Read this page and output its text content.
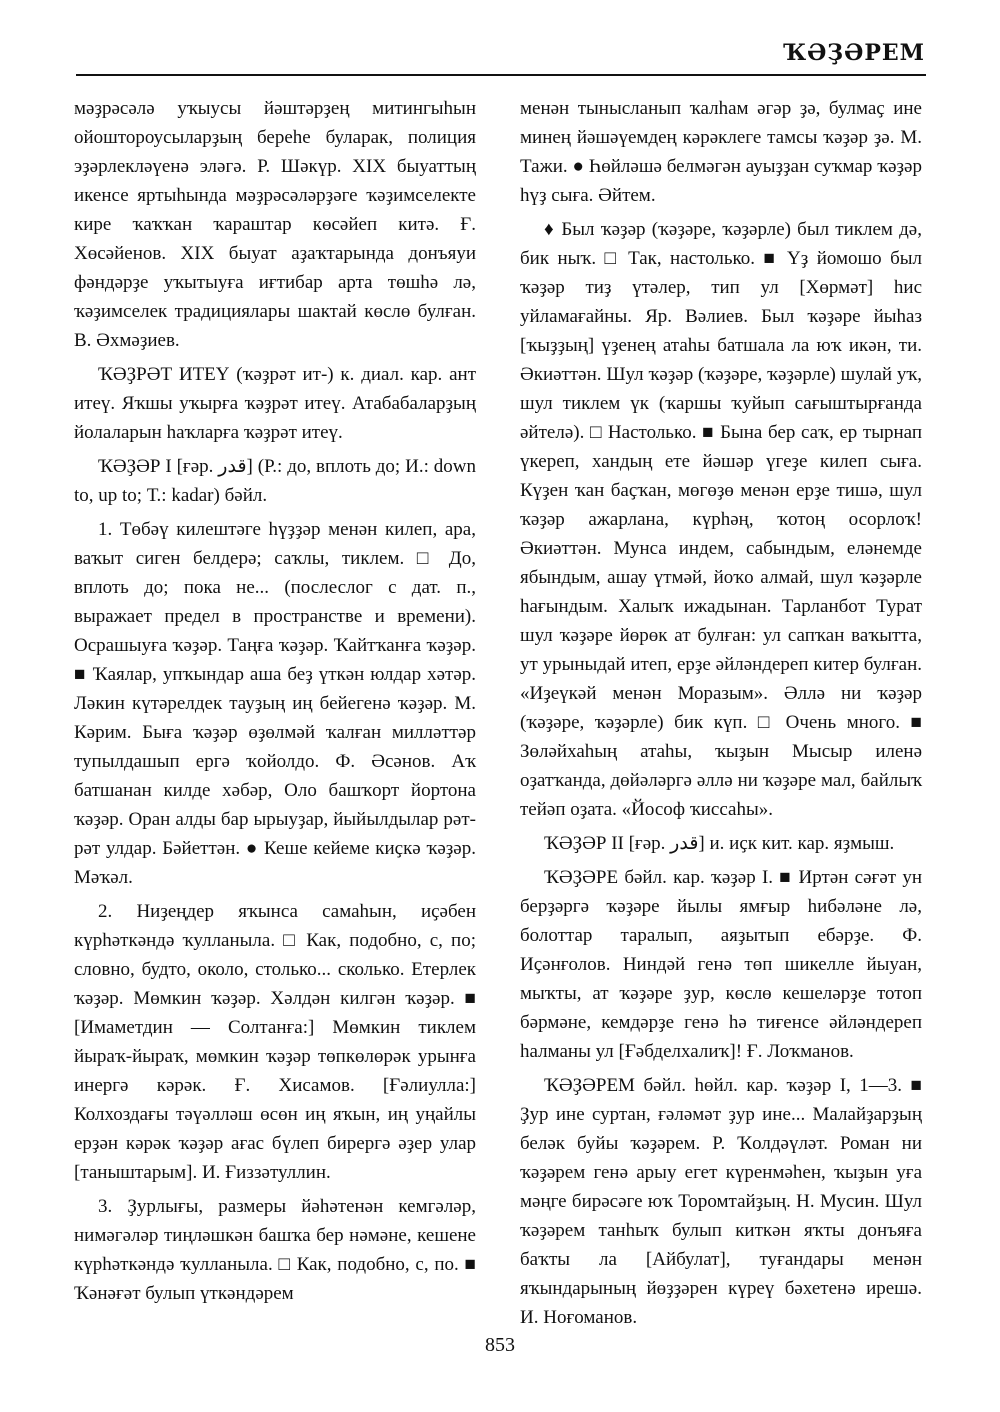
ҠӘҘӘРЕМ

мәҙрәсәлә уҡыусы йәштәрҙең митингыһын ойоштороусыларҙың береһе буларак, полиция эҙәрлекләүенә эләгә. Р. Шәкүр. XIX быуаттың икенсе яртыһында мәҙрәсәләрҙәге ҡәҙимселекте кире ҡаҡҡан ҡараштар көсәйеп китә. Ғ. Хөсәйенов. XIX быуат аҙаҡтарында донъяуи фәндәрҙе уҡытыуға иғтибар арта төшһә лә, ҡәҙимселек традициялары шактай көслө булған. В. Әхмәҙиев.

ҠӘҘРӘТ ИТЕҮ (ҡәҙрәт ит-) к. диал. кар. ант итеү. Яҡшы уҡырға ҡәҙрәт итеү. Атабабаларҙың йолаларын һаҡларға ҡәҙрәт итеү.

ҠӘҘӘР I [ғәр. قدر] (Р.: до, вплоть до; И.: down to, up to; Т.: kadar) бәйл.

1. Төбәү килештәге һүҙҙәр менән килеп, ара, ваҡыт сиген белдерә; саҡлы, тиклем. □ До, вплоть до; пока не... (послеслог с дат. п., выражает предел в пространстве и времени). Осрашыуға ҡәҙәр. Таңға ҡәҙәр. Ҡайтҡанға ҡәҙәр. ■ Ҡаялар, упҡындар аша беҙ үткән юлдар хәтәр. Ләкин күтәрелдек тауҙың иң бейегенә ҡәҙәр. М. Кәрим. Быға ҡәҙәр өҙөлмәй ҡалған милләттәр тупылдашып ергә ҡойолдо. Ф. Әсәнов. Аҡ батшанан килде хәбәр, Оло башҡорт йортона ҡәҙәр. Оран алды бар ырыуҙар, йыйылдылар рәт-рәт улдар. Бәйеттән. ● Кеше кейеме киҫкә ҡәҙәр. Мәҡәл.

2. Ниҙеңдер яҡынса самаһын, иҫәбен күрһәткәндә ҡулланыла. □ Как, подобно, с, по; словно, будто, около, столько... сколько. Етерлек ҡәҙәр. Мөмкин ҡәҙәр. Хәлдән килгән ҡәҙәр. ■ [Имаметдин — Солтанға:] Мөмкин тиклем йыраҡ-йыраҡ, мөмкин ҡәҙәр төпкөлөрәк урынға инергә кәрәк. Ғ. Хисамов. [Ғәлиулла:] Колхоздағы тәүәлләш өсөн иң яҡын, иң уңайлы ерҙән кәрәк ҡәҙәр ағас бүлеп бирергә әҙер улар [таныштарым]. И. Ғиззәтуллин.

3. Ҙурлығы, размеры йәһәтенән кемгәләр, нимәгәләр тиңләшкән башҡа бер нәмәне, кешене күрһәткәндә ҡулланыла. □ Как, подобно, с, по. ■ Ҡәнәғәт булып үткәндәрем

менән тынысланып ҡалһам әгәр ҙә, булмаҫ ине минең йәшәүемдең кәрәклеге тамсы ҡәҙәр ҙә. М. Тажи. ● Һөйләшә белмәгән ауыҙҙан суҡмар ҡәҙәр һүҙ сыға. Әйтем.

♦ Был ҡәҙәр (ҡәҙәре, ҡәҙәрле) был тиклем дә, бик ныҡ. □ Так, настолько. ■ Үҙ йомошо был ҡәҙәр тиҙ үтәлер, тип ул [Хөрмәт] һис уйламағайны. Яр. Вәлиев. Был ҡәҙәре йыһаз [ҡыҙҙың] үҙенең атаһы батшала ла юҡ икән, ти. Әкиәттән. Шул ҡәҙәр (ҡәҙәре, ҡәҙәрле) шулай уҡ, шул тиклем үк (ҡаршы ҡуйып сағыштырғанда әйтелә). □ Настолько. ■ Бына бер саҡ, ер тырнап үкереп, хандың ете йәшәр үгеҙе килеп сыға. Күҙен ҡан баҫҡан, мөгөҙө менән ерҙе тишә, шул ҡәҙәр ажарлана, күрһәң, ҡотоң осорлоҡ! Әкиәттән. Мунса индем, сабындым, еләнемде ябындым, ашау үтмәй, йоҡо алмай, шул ҡәҙәрле һағындым. Халыҡ ижадынан. Тарланбот Турат шул ҡәҙәре йөрөк ат булған: ул сапҡан ваҡытта, ут урыныдай итеп, ерҙе әйләндереп китер булған. «Иҙеүкәй менән Моразым». Әллә ни ҡәҙәр (ҡәҙәре, ҡәҙәрле) бик күп. □ Очень много. ■ Зөләйхаһың атаһы, ҡыҙын Мысыр иленә оҙатҡанда, дөйәләргә әллә ни ҡәҙәре мал, байлыҡ тейәп оҙата. «Йософ ҡиссаһы».

ҠӘҘӘР II [ғәр. قدر] и. иҫк кит. кар. яҙмыш.

ҠӘҘӘРЕ бәйл. кар. ҡәҙәр I. ■ Иртән сәғәт ун берҙәргә ҡәҙәре йылы ямғыр һибәләне лә, болоттар таралып, аяҙытып ебәрҙе. Ф. Иҫәнғолов. Ниндәй генә төп шикелле йыуан, мыҡты, ат ҡәҙәре ҙур, көслө кешеләрҙе тотоп бәрмәне, кемдәрҙе генә һә тиғенсе әйләндереп һалманы ул [Ғәбделхалиҡ]! Ғ. Лоҡманов.

ҠӘҘӘРЕМ бәйл. һөйл. кар. ҡәҙәр I, 1—3. ■ Ҙур ине суртан, ғәләмәт ҙур ине... Малайҙарҙың беләк буйы ҡәҙәрем. Р. Ҡолдәүләт. Роман ни ҡәҙәрем генә арыу егет күренмәһен, ҡыҙын уға мәңге бирәсәге юҡ Торомтайҙың. Н. Мусин. Шул ҡәҙәрем танһыҡ булып киткән яҡты донъяға баҡты ла [Айбулат], туғандары менән яҡындарының йөҙҙәрен күреү бәхетенә ирешә. И. Ноғоманов.

853
